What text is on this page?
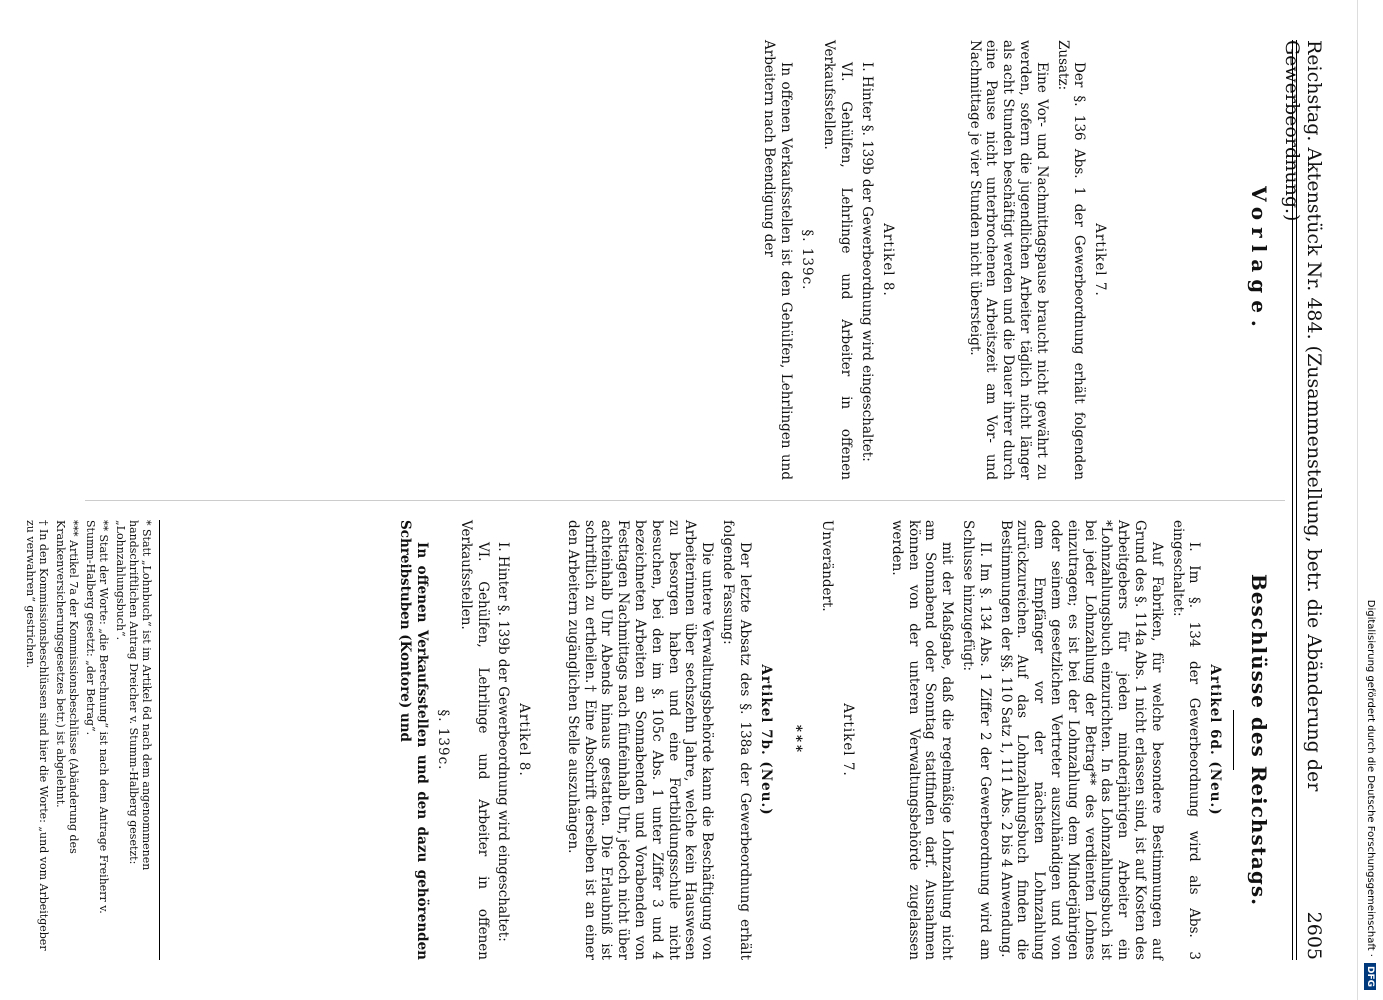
Digitalisierung gefördert durch die Deutsche Forschungsgemeinschaft ·
DFG
Reichstag. Aktenstück Nr. 484. (Zusammenstellung, betr. die Abänderung der Gewerbeordnung.)
2605
Vorlage.
Artikel 7.

Der §. 136 Abs. 1 der Gewerbeordnung erhält folgenden Zusatz:

Eine Vor- und Nachmittagspause braucht nicht gewährt zu werden, sofern die jugendlichen Arbeiter täglich nicht länger als acht Stunden beschäftigt werden und die Dauer ihrer durch eine Pause nicht unterbrochenen Arbeitszeit am Vor- und Nachmittage je vier Stunden nicht übersteigt.

Artikel 8.

I. Hinter §. 139b der Gewerbeordnung wird eingeschaltet:

VI. Gehülfen, Lehrlinge und Arbeiter in offenen Verkaufsstellen.

§. 139c.

In offenen Verkaufsstellen ist den Gehülfen, Lehrlingen und Arbeitern nach Beendigung der

Beschlüsse des Reichstags.
Artikel 6d. (Neu.)

I. Im §. 134 der Gewerbeordnung wird als Abs. 3 eingeschaltet:

Auf Fabriken, für welche besondere Bestimmungen auf Grund des §. 114a Abs. 1 nicht erlassen sind, ist auf Kosten des Arbeitgebers für jeden minderjährigen Arbeiter ein *Lohnzahlungsbuch einzurichten. In das Lohnzahlungsbuch ist bei jeder Lohnzahlung der Betrag** des verdienten Lohnes einzutragen; es ist bei der Lohnzahlung dem Minderjährigen oder seinem gesetzlichen Vertreter auszuhändigen und von dem Empfänger vor der nächsten Lohnzahlung zurückzureichen. Auf das Lohnzahlungsbuch finden die Bestimmungen der §§. 110 Satz 1, 111 Abs. 2 bis 4 Anwendung.

II. Im §. 134 Abs. 1 Ziffer 2 der Gewerbeordnung wird am Schlusse hinzugefügt:

mit der Maßgabe, daß die regelmäßige Lohnzahlung nicht am Sonnabend oder Sonntag stattfinden darf. Ausnahmen können von der unteren Verwaltungsbehörde zugelassen werden.

Artikel 7.

Unverändert.

***
Artikel 7b. (Neu.)

Der letzte Absatz des §. 138a der Gewerbeordnung erhält folgende Fassung:

Die untere Verwaltungsbehörde kann die Beschäftigung von Arbeiterinnen über sechszehn Jahre, welche kein Hauswesen zu besorgen haben und eine Fortbildungsschule nicht besuchen, bei den im §. 105c Abs. 1 unter Ziffer 3 und 4 bezeichneten Arbeiten an Sonnabenden und Vorabenden von Festtagen Nachmittags nach fünfeinhalb Uhr, jedoch nicht über achteinhalb Uhr Abends hinaus gestatten. Die Erlaubniß ist schriftlich zu ertheilen.† Eine Abschrift derselben ist an einer den Arbeitern zugänglichen Stelle auszuhängen.

Artikel 8.

I. Hinter §. 139b der Gewerbeordnung wird eingeschaltet:

VI. Gehülfen, Lehrlinge und Arbeiter in offenen Verkaufsstellen.

§. 139c.

In offenen Verkaufsstellen und den dazu gehörenden Schreibstuben (Kontore) und

* Statt „Lohnbuch“ ist im Artikel 6d nach dem angenommenen handschriftlichen Antrag Dreicher v. Stumm-Halberg gesetzt: „Lohnzahlungsbuch“.

** Statt der Worte: „die Berechnung“ ist nach dem Antrage Freiherr v. Stumm-Halberg gesetzt: „der Betrag“.

*** Artikel 7a der Kommissionsbeschlüsse (Abänderung des Krankenversicherungsgesetzes betr.) ist abgelehnt.

† In den Kommissionsbeschlüssen sind hier die Worte: „und vom Arbeitgeber zu verwahren“ gestrichen.
